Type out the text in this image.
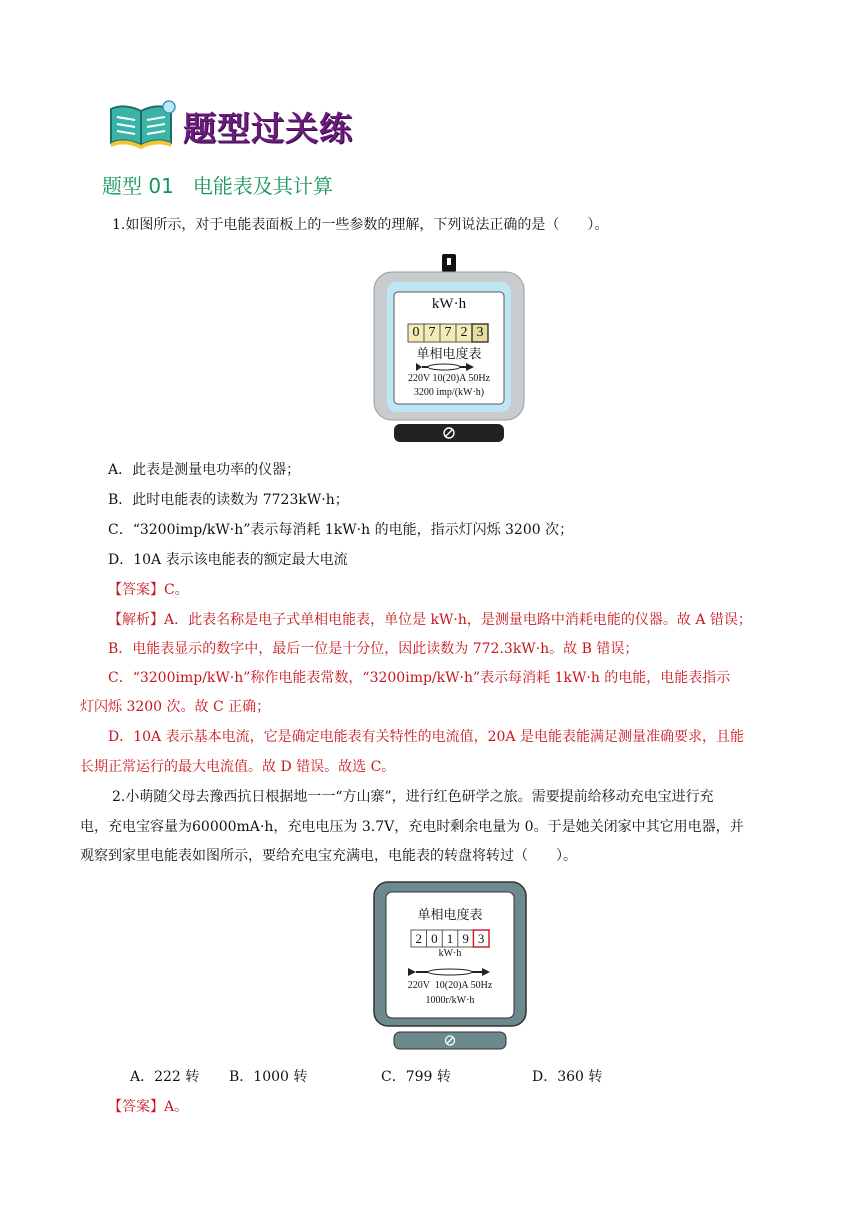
题型过关练
题型 01   电能表及其计算
1.如图所示，对于电能表面板上的一些参数的理解，下列说法正确的是（　　）。
kW·h
0 7 7 2 3
单相电度表
220V 10(20)A 50Hz
3200 imp/(kW·h)
A．此表是测量电功率的仪器；
B．此时电能表的读数为 7723kW·h；
C．“3200imp/kW·h”表示每消耗 1kW·h 的电能，指示灯闪烁 3200 次；
D．10A 表示该电能表的额定最大电流
【答案】C。
【解析】A．此表名称是电子式单相电能表，单位是 kW·h，是测量电路中消耗电能的仪器。故 A 错误；
B．电能表显示的数字中，最后一位是十分位，因此读数为 772.3kW·h。故 B 错误；
C．“3200imp/kW·h”称作电能表常数，“3200imp/kW·h”表示每消耗 1kW·h 的电能，电能表指示
灯闪烁 3200 次。故 C 正确；
D．10A 表示基本电流，它是确定电能表有关特性的电流值，20A 是电能表能满足测量准确要求，且能
长期正常运行的最大电流值。故 D 错误。故选 C。
2.小萌随父母去豫西抗日根据地一一“方山寨”，进行红色研学之旅。需要提前给移动充电宝进行充
电，充电宝容量为60000mA·h，充电电压为 3.7V，充电时剩余电量为 0。于是她关闭家中其它用电器，并
观察到家里电能表如图所示，要给充电宝充满电，电能表的转盘将转过（　　）。
单相电度表
2 0 1 9 3
kW·h
220V  10(20)A 50Hz
1000r/kW·h
A．222 转 B．1000 转	C．799 转	D．360 转
【答案】A。
